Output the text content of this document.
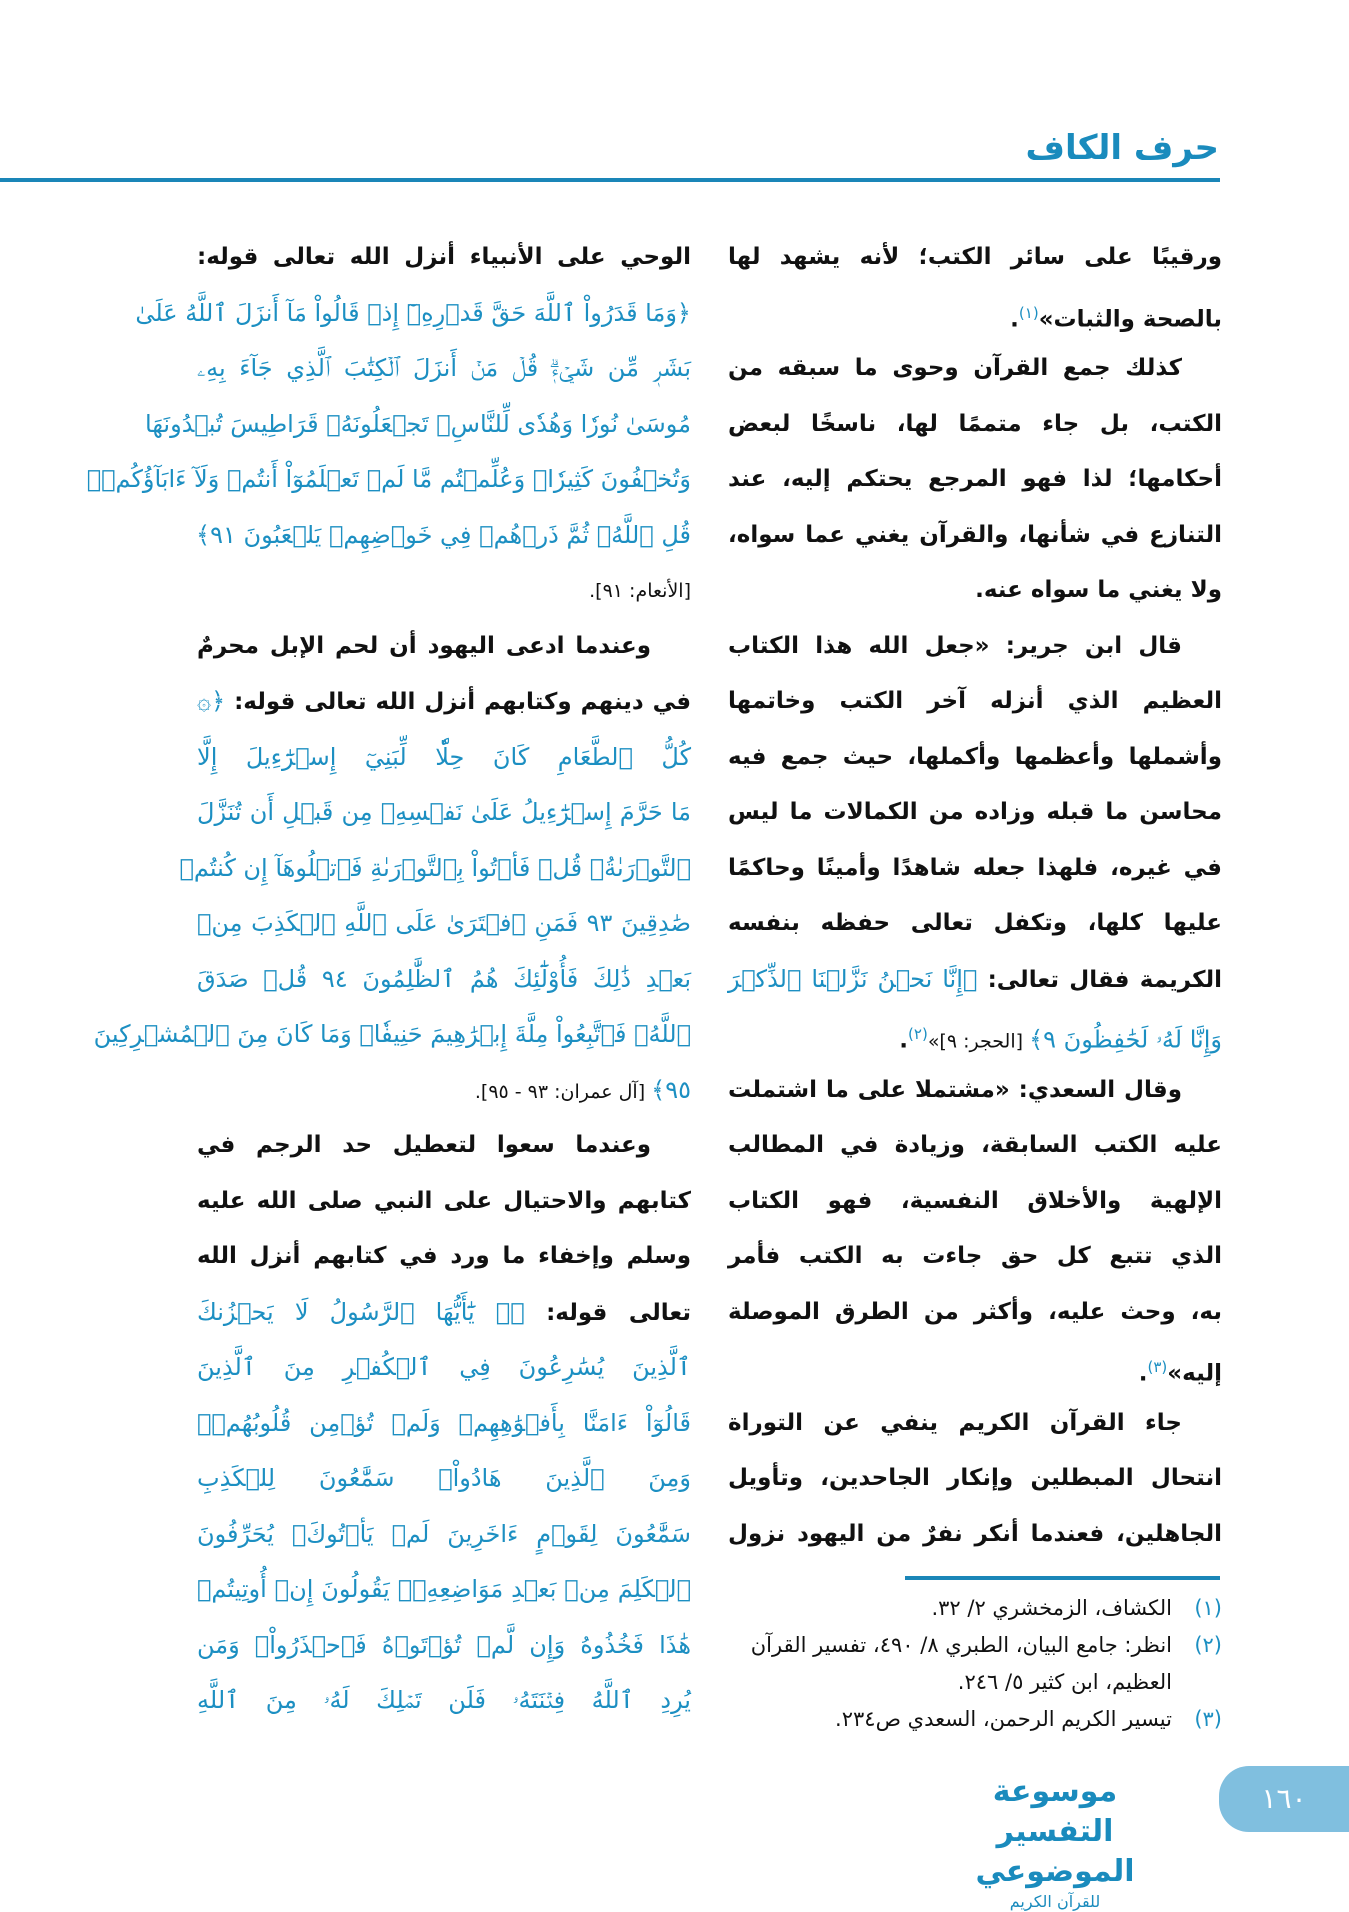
حرف الكاف
ورقيبًا على سائر الكتب؛ لأنه يشهد لها
بالصحة والثبات»$^{(١)}$.
كذلك جمع القرآن وحوى ما سبقه من
الكتب، بل جاء متممًا لها، ناسخًا لبعض
أحكامها؛ لذا فهو المرجع يحتكم إليه، عند
التنازع في شأنها، والقرآن يغني عما سواه،
ولا يغني ما سواه عنه.
قال ابن جرير: «جعل الله هذا الكتاب
العظيم الذي أنزله آخر الكتب وخاتمها
وأشملها وأعظمها وأكملها، حيث جمع فيه
محاسن ما قبله وزاده من الكمالات ما ليس
في غيره، فلهذا جعله شاهدًا وأمينًا وحاكمًا
عليها كلها، وتكفل تعالى حفظه بنفسه
الكريمة فقال تعالى: ﴿إِنَّا نَحۡنُ نَزَّلۡنَا ٱلذِّكۡرَ
وَإِنَّا لَهُۥ لَحَٰفِظُونَ ٩﴾ [الحجر: ٩]»$^{(٢)}$.
وقال السعدي: «مشتملا على ما اشتملت
عليه الكتب السابقة، وزيادة في المطالب
الإلهية والأخلاق النفسية، فهو الكتاب
الذي تتبع كل حق جاءت به الكتب فأمر
به، وحث عليه، وأكثر من الطرق الموصلة
إليه»$^{(٣)}$.
جاء القرآن الكريم ينفي عن التوراة
انتحال المبطلين وإنكار الجاحدين، وتأويل
الجاهلين، فعندما أنكر نفرٌ من اليهود نزول
الوحي على الأنبياء أنزل الله تعالى قوله:
﴿وَمَا قَدَرُواْ ٱللَّهَ حَقَّ قَدۡرِهِۦٓ إِذۡ قَالُواْ مَآ أَنزَلَ ٱللَّهُ عَلَىٰ
بَشَرٖ مِّن شَيۡءٖۗ قُلۡ مَنۡ أَنزَلَ ٱلۡكِتَٰبَ ٱلَّذِي جَآءَ بِهِۦ
مُوسَىٰ نُورٗا وَهُدٗى لِّلنَّاسِۖ تَجۡعَلُونَهُۥ قَرَاطِيسَ تُبۡدُونَهَا
وَتُخۡفُونَ كَثِيرٗاۖ وَعُلِّمۡتُم مَّا لَمۡ تَعۡلَمُوٓاْ أَنتُمۡ وَلَآ ءَابَآؤُكُمۡۖ
قُلِ ٱللَّهُۖ ثُمَّ ذَرۡهُمۡ فِي خَوۡضِهِمۡ يَلۡعَبُونَ ٩١﴾
[الأنعام: ٩١].
وعندما ادعى اليهود أن لحم الإبل محرمٌ
في دينهم وكتابهم أنزل الله تعالى قوله: ﴿۞
كُلُّ ٱلطَّعَامِ كَانَ حِلّٗا لِّبَنِيٓ إِسۡرَٰٓءِيلَ إِلَّا
مَا حَرَّمَ إِسۡرَٰٓءِيلُ عَلَىٰ نَفۡسِهِۦ مِن قَبۡلِ أَن تُنَزَّلَ
ٱلتَّوۡرَىٰةُۚ قُلۡ فَأۡتُواْ بِٱلتَّوۡرَىٰةِ فَٱتۡلُوهَآ إِن كُنتُمۡ
صَٰدِقِينَ ٩٣ فَمَنِ ٱفۡتَرَىٰ عَلَى ٱللَّهِ ٱلۡكَذِبَ مِنۢ
بَعۡدِ ذَٰلِكَ فَأُوْلَٰٓئِكَ هُمُ ٱلظَّٰلِمُونَ ٩٤ قُلۡ صَدَقَ
ٱللَّهُۗ فَٱتَّبِعُواْ مِلَّةَ إِبۡرَٰهِيمَ حَنِيفٗاۖ وَمَا كَانَ مِنَ ٱلۡمُشۡرِكِينَ
٩٥﴾ [آل عمران: ٩٣ - ٩٥].
وعندما سعوا لتعطيل حد الرجم في
كتابهم والاحتيال على النبي صلى الله عليه
وسلم وإخفاء ما ورد في كتابهم أنزل الله
تعالى قوله: ﴿۞ يَٰٓأَيُّهَا ٱلرَّسُولُ لَا يَحۡزُنكَ
ٱلَّذِينَ يُسَٰرِعُونَ فِي ٱلۡكُفۡرِ مِنَ ٱلَّذِينَ
قَالُوٓاْ ءَامَنَّا بِأَفۡوَٰهِهِمۡ وَلَمۡ تُؤۡمِن قُلُوبُهُمۡۛ
وَمِنَ ٱلَّذِينَ هَادُواْۛ سَمَّٰعُونَ لِلۡكَذِبِ
سَمَّٰعُونَ لِقَوۡمٍ ءَاخَرِينَ لَمۡ يَأۡتُوكَۖ يُحَرِّفُونَ
ٱلۡكَلِمَ مِنۢ بَعۡدِ مَوَاضِعِهِۦۖ يَقُولُونَ إِنۡ أُوتِيتُمۡ
هَٰذَا فَخُذُوهُ وَإِن لَّمۡ تُؤۡتَوۡهُ فَٱحۡذَرُواْۚ وَمَن
يُرِدِ ٱللَّهُ فِتۡنَتَهُۥ فَلَن تَمۡلِكَ لَهُۥ مِنَ ٱللَّهِ
(١)
الكشاف، الزمخشري ٢/ ٣٢.
(٢)
انظر: جامع البيان، الطبري ٨/ ٤٩٠، تفسير القرآن العظيم، ابن كثير ٥/ ٢٤٦.
(٣)
تيسير الكريم الرحمن، السعدي ص٢٣٤.
موسوعة التفسير الموضوعي
للقرآن الكريم
١٦٠
